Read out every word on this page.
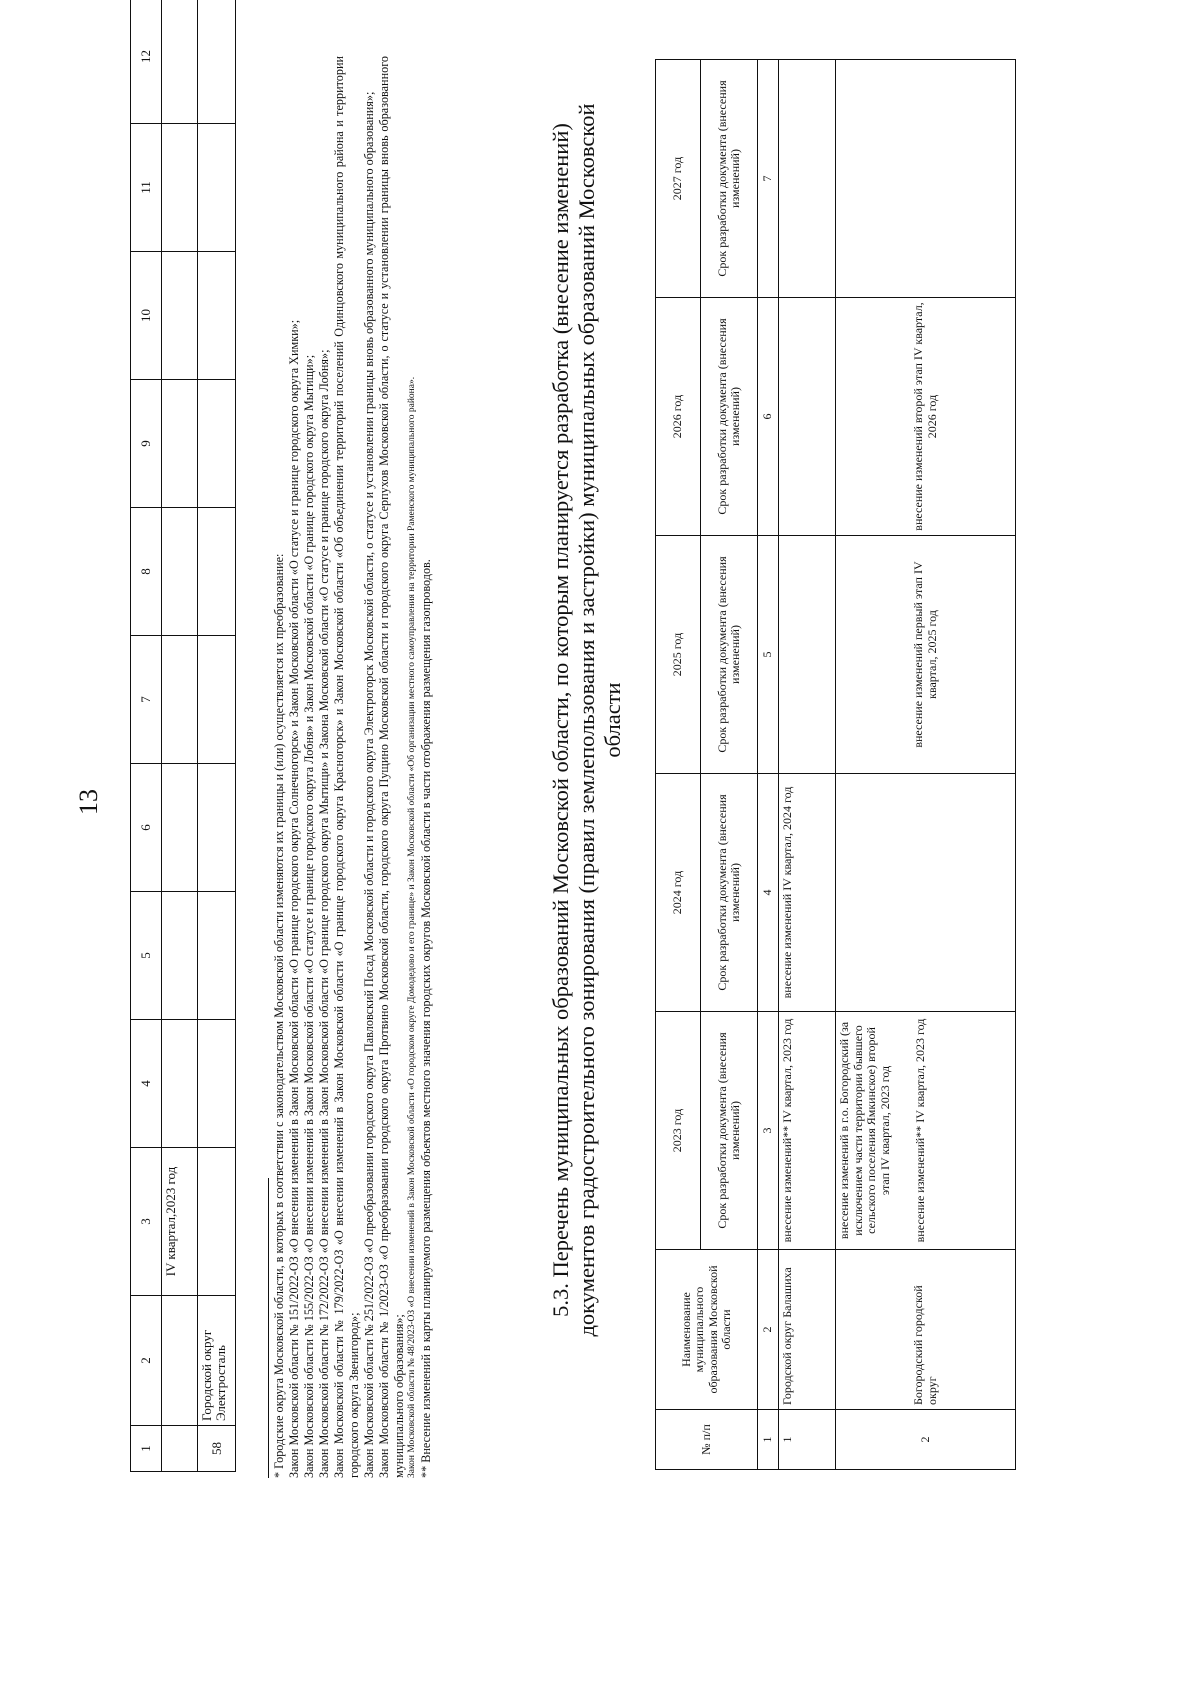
13
1	2	3	4	5	6	7	8	9	10	11	12
		IV квартал,2023 год									
58	Городской округ Электросталь											* Городские округа Московской области, в которых в соответствии с законодательством Московской области изменяются их границы и (или) осуществляется их преобразование: Закон Московской области № 151/2022-ОЗ «О внесении изменений в Закон Московской области «О границе городского округа Солнечногорск» и Закон Московской области «О статусе и границе городского округа Химки»; Закон Московской области № 155/2022-ОЗ «О внесении изменений в Закон Московской области «О статусе и границе городского округа Лобня» и Закон Московской области «О границе городского округа Мытищи»; Закон Московской области № 172/2022-ОЗ «О внесении изменений в Закон Московской области «О границе городского округа Мытищи» и Закона Московской области «О статусе и границе городского округа Лобня»; Закон Московской области № 179/2022-ОЗ «О внесении изменений в Закон Московской области «О границе городского округа Красногорск» и Закон Московской области «Об объединении территорий поселений Одинцовского муниципального района и территории городского округа Звенигород»; Закон Московской области № 251/2022-ОЗ «О преобразовании городского округа Павловский Посад Московской области и городского округа Электрогорск Московской области, о статусе и установлении границы вновь образованного муниципального образования»; Закон Московской области № 1/2023-ОЗ «О преобразовании городского округа Протвино Московской области, городского округа Пущино Московской области и городского округа Серпухов Московской области, о статусе и установлении границы вновь образованного муниципального образования»; Закон Московской области № 48/2023-ОЗ «О внесении изменений в Закон Московской области «О городском округе Домодедово и его границе» и Закон Московской области «Об организации местного самоуправления на территории Раменского муниципального района». ** Внесение изменений в карты планируемого размещения объектов местного значения городских округов Московской области в части отображения размещения газопроводов.	5.3. Перечень муниципальных образований Московской области, по которым планируется разработка (внесение изменений) документов градостроительного зонирования (правил землепользования и застройки) муниципальных образований Московской области
№ п/п	Наименование муниципального образования Московской области	2023 год	2024 год	2025 год	2026 год	2027 год
		Срок разработки документа (внесения изменений)	Срок разработки документа (внесения изменений)	Срок разработки документа (внесения изменений)	Срок разработки документа (внесения изменений)	Срок разработки документа (внесения изменений)
1	2	3	4	5	6	7
1	Городской округ Балашиха	внесение изменений** IV квартал, 2023 год	внесение изменений IV квартал, 2024 год			
2	Богородский городской округ	внесение изменений в г.о. Богородский (за исключением части территории бывшего сельского поселения Ямкинское) второй этап IV квартал, 2023 год внесение изменений** IV квартал, 2023 год		внесение изменений первый этап IV квартал, 2025 год	внесение изменений второй этап IV квартал, 2026 год	
